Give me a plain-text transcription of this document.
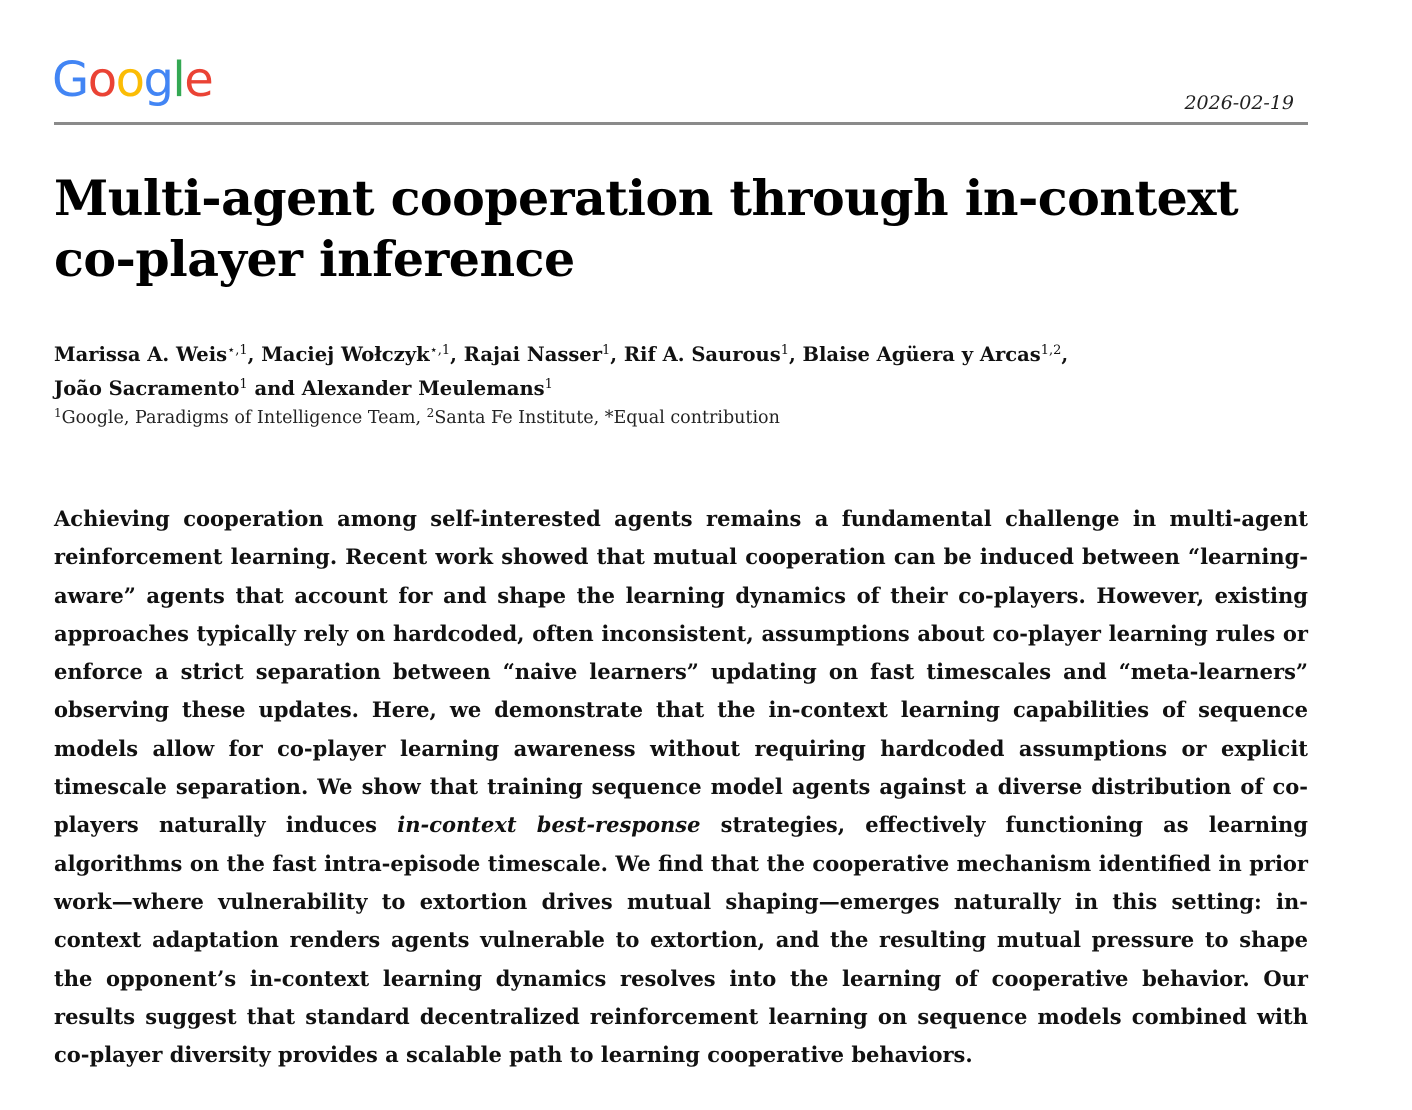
Google	2026-02-19
Multi-agent cooperation through in-context co-player inference
Marissa A. Weis$^{⋆,1}$, Maciej Wołczyk$^{⋆,1}$, Rajai Nasser$^1$, Rif A. Saurous$^1$, Blaise Agüera y Arcas$^{1,2}$,
João Sacramento$^1$ and Alexander Meulemans$^1$
$^1$Google, Paradigms of Intelligence Team, $^2$Santa Fe Institute, *Equal contribution

Achieving cooperation among self-interested agents remains a fundamental challenge in multi-agent reinforcement learning. Recent work showed that mutual cooperation can be induced between “learning-aware” agents that account for and shape the learning dynamics of their co-players. However, existing approaches typically rely on hardcoded, often inconsistent, assumptions about co-player learning rules or enforce a strict separation between “naive learners” updating on fast timescales and “meta-learners” observing these updates. Here, we demonstrate that the in-context learning capabilities of sequence models allow for co-player learning awareness without requiring hardcoded assumptions or explicit timescale separation. We show that training sequence model agents against a diverse distribution of co-players naturally induces in-context best-response strategies, effectively functioning as learning algorithms on the fast intra-episode timescale. We find that the cooperative mechanism identified in prior work—where vulnerability to extortion drives mutual shaping—emerges naturally in this setting: in-context adaptation renders agents vulnerable to extortion, and the resulting mutual pressure to shape the opponent’s in-context learning dynamics resolves into the learning of cooperative behavior. Our results suggest that standard decentralized reinforcement learning on sequence models combined with co-player diversity provides a scalable path to learning cooperative behaviors.
